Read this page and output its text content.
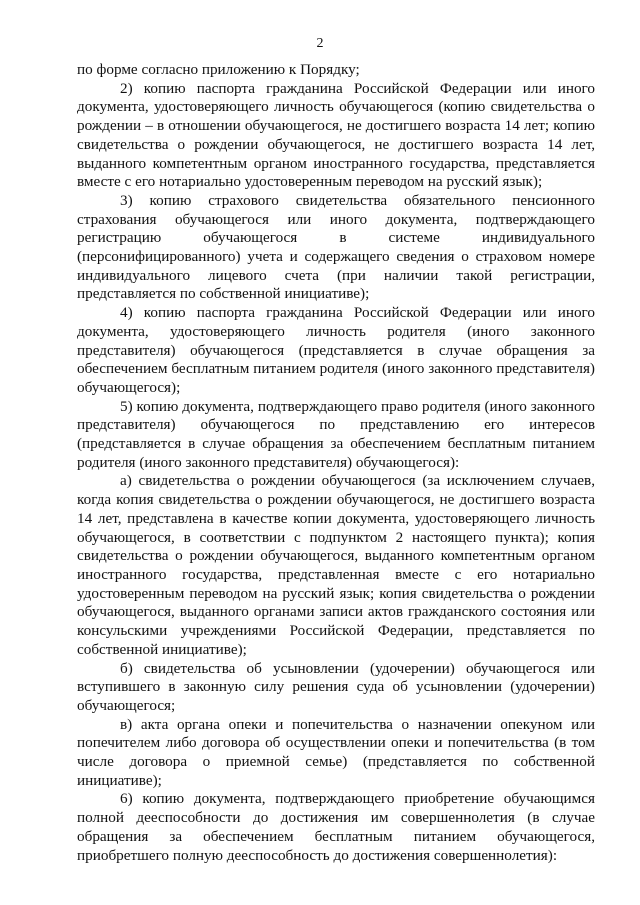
2

по форме согласно приложению к Порядку;

2) копию паспорта гражданина Российской Федерации или иного документа, удостоверяющего личность обучающегося (копию свидетельства о рождении – в отношении обучающегося, не достигшего возраста 14 лет; копию свидетельства о рождении обучающегося, не достигшего возраста 14 лет, выданного компетентным органом иностранного государства, представляется вместе с его нотариально удостоверенным переводом на русский язык);

3) копию страхового свидетельства обязательного пенсионного страхования обучающегося или иного документа, подтверждающего регистрацию обучающегося в системе индивидуального (персонифицированного) учета и содержащего сведения о страховом номере индивидуального лицевого счета (при наличии такой регистрации, представляется по собственной инициативе);

4) копию паспорта гражданина Российской Федерации или иного документа, удостоверяющего личность родителя (иного законного представителя) обучающегося (представляется в случае обращения за обеспечением бесплатным питанием родителя (иного законного представителя) обучающегося);

5) копию документа, подтверждающего право родителя (иного законного представителя) обучающегося по представлению его интересов (представляется в случае обращения за обеспечением бесплатным питанием родителя (иного законного представителя) обучающегося):

а) свидетельства о рождении обучающегося (за исключением случаев, когда копия свидетельства о рождении обучающегося, не достигшего возраста 14 лет, представлена в качестве копии документа, удостоверяющего личность обучающегося, в соответствии с подпунктом 2 настоящего пункта); копия свидетельства о рождении обучающегося, выданного компетентным органом иностранного государства, представленная вместе с его нотариально удостоверенным переводом на русский язык; копия свидетельства о рождении обучающегося, выданного органами записи актов гражданского состояния или консульскими учреждениями Российской Федерации, представляется по собственной инициативе);

б) свидетельства об усыновлении (удочерении) обучающегося или вступившего в законную силу решения суда об усыновлении (удочерении) обучающегося;

в) акта органа опеки и попечительства о назначении опекуном или попечителем либо договора об осуществлении опеки и попечительства (в том числе договора о приемной семье) (представляется по собственной инициативе);

6) копию документа, подтверждающего приобретение обучающимся полной дееспособности до достижения им совершеннолетия (в случае обращения за обеспечением бесплатным питанием обучающегося, приобретшего полную дееспособность до достижения совершеннолетия):
